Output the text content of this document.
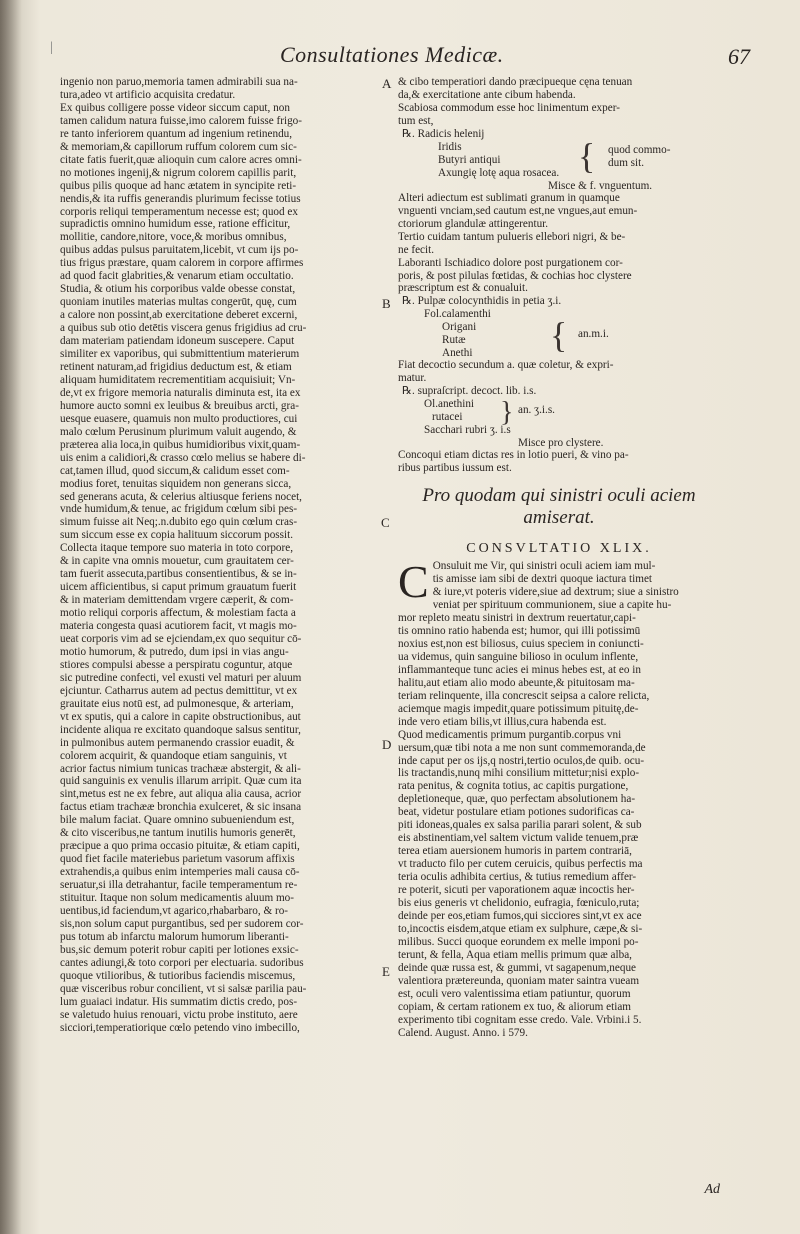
|	Consultationes Medicæ.	67
A
B
C
D
E
ingenio non paruo,memoria tamen admirabili sua na-
tura,adeo vt artificio acquisita credatur.
Ex quibus colligere posse videor siccum caput, non
tamen calidum natura fuisse,imo calorem fuisse frigo-
re tanto inferiorem quantum ad ingenium retinendu,
& memoriam,& capillorum ruffum colorem cum sic-
citate fatis fuerit,quæ alioquin cum calore acres omni-
no motiones ingenij,& nigrum colorem capillis parit,
quibus pilis quoque ad hanc ætatem in syncipite reti-
nendis,& ita ruffis generandis plurimum fecisse totius
corporis reliqui temperamentum necesse est; quod ex
supradictis omnino humidum esse, ratione efficitur,
mollitie, candore,nitore, voce,& moribus omnibus,
quibus addas pulsus paruitatem,licebit, vt cum ijs po-
tius frigus præstare, quam calorem in corpore affirmes
ad quod facit glabrities,& venarum etiam occultatio.
Studia, & otium his corporibus valde obesse constat,
quoniam inutiles materias multas congerūt, quę, cum
a calore non possint,ab exercitatione deberet excerni,
a quibus sub otio detētis viscera genus frigidius ad cru-
dam materiam patiendam idoneum suscepere. Caput
similiter ex vaporibus, qui submittentium materierum
retinent naturam,ad frigidius deductum est, & etiam
aliquam humiditatem recrementitiam acquisiuit; Vn-
de,vt ex frigore memoria naturalis diminuta est, ita ex
humore aucto somni ex leuibus & breuibus arcti, gra-
uesque euasere, quamuis non multo productiores, cui
malo cœlum Perusinum plurimum valuit augendo, &
præterea alia loca,in quibus humidioribus vixit,quam-
uis enim a calidiori,& crasso cœlo melius se habere di-
cat,tamen illud, quod siccum,& calidum esset com-
modius foret, tenuitas siquidem non generans sicca,
sed generans acuta, & celerius altiusque feriens nocet,
vnde humidum,& tenue, ac frigidum cœlum sibi pes-
simum fuisse ait Neq;.n.dubito ego quin cœlum cras-
sum siccum esse ex copia halituum siccorum possit.
Collecta itaque tempore suo materia in toto corpore,
& in capite vna omnis mouetur, cum grauitatem cer-
tam fuerit assecuta,partibus consentientibus, & se in-
uicem afficientibus, si caput primum grauatum fuerit
& in materiam demittendam vrgere cæperit, & com-
motio reliqui corporis affectum, & molestiam facta a
materia congesta quasi acutiorem facit, vt magis mo-
ueat corporis vim ad se ejciendam,ex quo sequitur cō-
motio humorum, & putredo, dum ipsi in vias angu-
stiores compulsi abesse a perspiratu coguntur, atque
sic putredine confecti, vel exusti vel maturi per aluum
ejciuntur. Catharrus autem ad pectus demittitur, vt ex
grauitate eius notū est, ad pulmonesque, & arteriam,
vt ex sputis, qui a calore in capite obstructionibus, aut
incidente aliqua re excitato quandoque salsus sentitur,
in pulmonibus autem permanendo crassior euadit, &
colorem acquirit, & quandoque etiam sanguinis, vt
acrior factus nimium tunicas trachææ abstergit, & ali-
quid sanguinis ex venulis illarum arripit. Quæ cum ita
sint,metus est ne ex febre, aut aliqua alia causa, acrior
factus etiam trachææ bronchia exulceret, & sic insana
bile malum faciat. Quare omnino subueniendum est,
& cito visceribus,ne tantum inutilis humoris generēt,
præcipue a quo prima occasio pituitæ, & etiam capiti,
quod fiet facile materiebus parietum vasorum affixis
extrahendis,a quibus enim intemperies mali causa cō-
seruatur,si illa detrahantur, facile temperamentum re-
stituitur. Itaque non solum medicamentis aluum mo-
uentibus,id faciendum,vt agarico,rhabarbaro, & ro-
sis,non solum caput purgantibus, sed per sudorem cor-
pus totum ab infarctu malorum humorum liberanti-
bus,sic demum poterit robur capiti per lotiones exsic-
cantes adiungi,& toto corpori per electuaria. sudoribus
quoque vtilioribus, & tutioribus faciendis miscemus,
quæ visceribus robur concilient, vt si salsæ parilia pau-
lum guaiaci indatur. His summatim dictis credo, pos-
se valetudo huius renouari, victu probe instituto, aere
sicciori,temperatiorique cœlo petendo vino imbecillo,
& cibo temperatiori dando præcipueque cęna tenuan
da,& exercitatione ante cibum habenda.
Scabiosa commodum esse hoc linimentum exper-
tum est,
℞. Radicis helenij
Iridis
Butyri antiqui
Axungię lotę aqua rosacea. { quod commo-
dum sit.
Misce & f. vnguentum.
Alteri adiectum est sublimati granum in quamque
vnguenti vnciam,sed cautum est,ne vngues,aut emun-
ctoriorum glandulæ attingerentur.
Tertio cuidam tantum pulueris ellebori nigri, & be-
ne fecit.
Laboranti Ischiadico dolore post purgationem cor-
poris, & post pilulas fœtidas, & cochias hoc clystere
præscriptum est & conualuit.
℞. Pulpæ colocynthidis in petia ʒ.i.
Fol.calamenthi
Origani
Rutæ
Anethi { an.m.i.
Fiat decoctio secundum a. quæ coletur, & expri-
matur.
℞. supraſcript. decoct. lib. i.s.
Ol.anethini
rutacei } an. ʒ.i.s.
Sacchari rubri ʒ. i.s
Misce pro clystere.
Concoqui etiam dictas res in lotio pueri, & vino pa-
ribus partibus iussum est.
Pro quodam qui sinistri oculi aciem
amiserat.
CONSVLTATIO XLIX.
C Onsuluit me Vir, qui sinistri oculi aciem iam mul-
tis amisse iam sibi de dextri quoque iactura timet
& iure,vt poteris videre,siue ad dextrum; siue a sinistro
veniat per spirituum communionem, siue a capite hu-
mor repleto meatu sinistri in dextrum reuertatur,capi-
tis omnino ratio habenda est; humor, qui illi potissimū
noxius est,non est biliosus, cuius speciem in coniuncti-
ua videmus, quin sanguine bilioso in oculum inflente,
inflammanteque tunc acies ei minus hebes est, at eo in
halitu,aut etiam alio modo abeunte,& pituitosam ma-
teriam relinquente, illa concrescit seipsa a calore relicta,
aciemque magis impedit,quare potissimum pituitę,de-
inde vero etiam bilis,vt illius,cura habenda est.
Quod medicamentis primum purgantib.corpus vni
uersum,quæ tibi nota a me non sunt commemoranda,de
inde caput per os ijs,q nostri,tertio oculos,de quib. ocu-
lis tractandis,nunq mihi consilium mittetur;nisi explo-
rata penitus, & cognita totius, ac capitis purgatione,
depletioneque, quæ, quo perfectam absolutionem ha-
beat, videtur postulare etiam potiones sudorificas ca-
piti idoneas,quales ex salsa parilia parari solent, & sub
eis abstinentiam,vel saltem victum valide tenuem,præ
terea etiam auersionem humoris in partem contrariā,
vt traducto filo per cutem ceruicis, quibus perfectis ma
teria oculis adhibita certius, & tutius remedium affer-
re poterit, sicuti per vaporationem aquæ incoctis her-
bis eius generis vt chelidonio, eufragia, fœniculo,ruta;
deinde per eos,etiam fumos,qui sicciores sint,vt ex ace
to,incoctis eisdem,atque etiam ex sulphure, cæpe,& si-
milibus. Succi quoque eorundem ex melle imponi po-
terunt, & fella, Aqua etiam mellis primum quæ alba,
deinde quæ russa est, & gummi, vt sagapenum,neque
valentiora prætereunda, quoniam mater saintra vueam
est, oculi vero valentissima etiam patiuntur, quorum
copiam, & certam rationem ex tuo, & aliorum etiam
experimento tibi cognitam esse credo. Vale. Vrbini.i 5.
Calend. August. Anno. i 579.
Ad
